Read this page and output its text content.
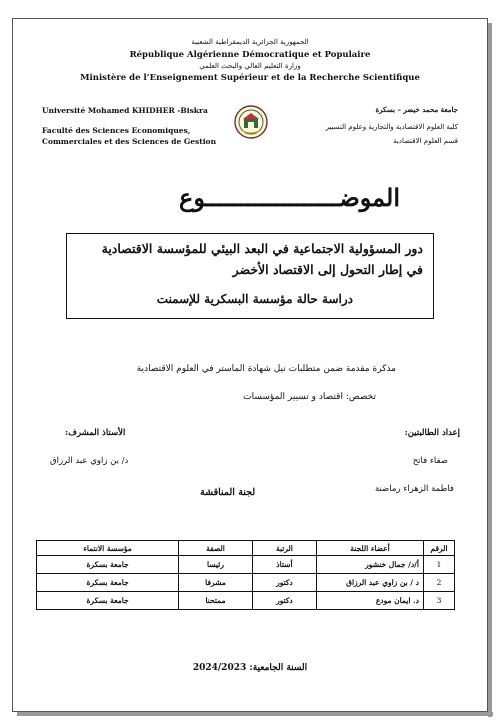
الجمهورية الجزائرية الديمقراطية الشعبية
République Algérienne Démocratique et Populaire
وزارة التعليم العالي والبحث العلمي
Ministère de l’Enseignement Supérieur et de la Recherche Scientifique
Université Mohamed KHIDHER -Biskra
Faculté des Sciences Economiques,
Commerciales et des Sciences de Gestion
جامعة محمد خيضر – بسكرة
كلية العلوم الاقتصادية والتجارية وعلوم التسيير
قسم العلوم الاقتصادية
الموضـــــــــــــــــــوع
دور المسؤولية الاجتماعية في البعد البيئي للمؤسسة الاقتصادية
في إطار التحول إلى الاقتصاد الأخضر
دراسة حالة مؤسسة البسكرية للإسمنت
مذكرة مقدمة ضمن متطلبات نيل شهادة الماستر في العلوم الاقتصادية
تخصص: اقتصاد و تسيير المؤسسات
إعداد الطالبتين:
الأستاذ المشرف:
صفاء فاتح
د/ بن زاوي عبد الرزاق
فاطمة الزهراء رماضنة
لجنة المناقشة
الرقم	أعضاء اللجنة	الرتبة	الصفة	مؤسسة الانتماء
1	أ/د/ جمال خنشور	أستاذ	رئيسا	جامعة بسكرة
2	د / بن زاوي عبد الرزاق	دكتور	مشرفا	جامعة بسكرة
3	د. ايمان مودع	دكتور	ممتحنا	جامعة بسكرة
السنة الجامعية: 2024/2023
